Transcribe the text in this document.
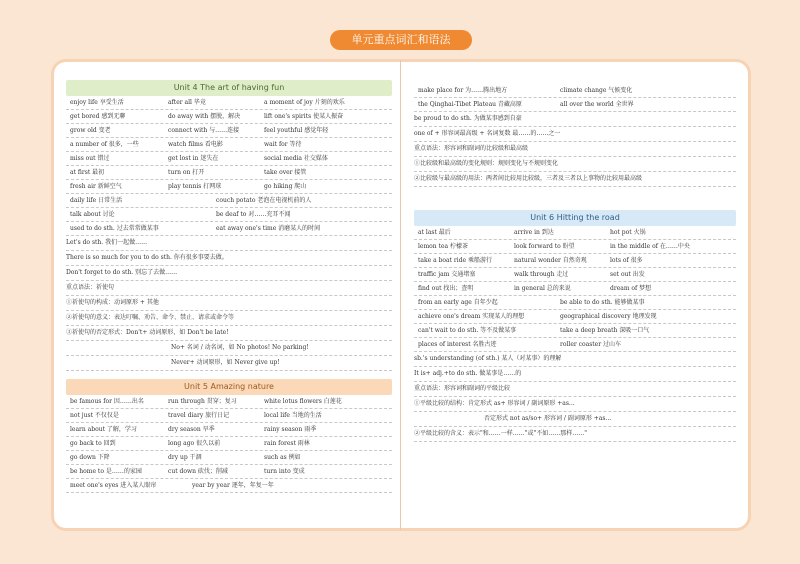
单元重点词汇和语法
Unit 4 The art of having fun
enjoy life 享受生活	after all 毕竟	a moment of joy 片刻的欢乐
get bored 感到无聊	do away with 摆脱，解决	lift one's spirits 使某人振奋
grow old 变老	connect with 与……连接	feel youthful 感觉年轻
a number of 很多，一些	watch films 看电影	wait for 等待
miss out 错过	get lost in 迷失在	social media 社交媒体
at first 最初	turn on 打开	take over 接管
fresh air 新鲜空气	play tennis 打网球	go hiking 爬山
daily life 日常生活	couch potato 老泡在电视机前的人
talk about 讨论	be deaf to 对……充耳不闻
used to do sth. 过去常常做某事	eat away one's time 消磨某人的时间
Let's do sth. 我们一起做……
There is so much for you to do sth. 你有很多事要去做。
Don't forget to do sth. 别忘了去做……
重点语法：祈使句
①祈使句的构成：动词原形 + 其他
②祈使句的意义：表达叮嘱、劝告、命令、禁止、请求或命令等
③祈使句的否定形式：Don't+ 动词原形，如 Don't be late!
No+ 名词 / 动名词，如 No photos! No parking!
Never+ 动词原形，如 Never give up!
Unit 5 Amazing nature
be famous for 因……出名	run through 贯穿；复习	white lotus flowers 白莲花
not just 不仅仅是	travel diary 旅行日记	local life 当地的生活
learn about 了解，学习	dry season 旱季	rainy season 雨季
go back to 回到	long ago 很久以前	rain forest 雨林
go down 下降	dry up 干涸	such as 例如
be home to 是……的家园	cut down 砍伐；削减	turn into 变成
meet one's eyes 进入某人眼帘	year by year 逐年，年复一年
make place for 为……腾出地方	climate change 气候变化
the Qinghai-Tibet Plateau 青藏高原	all over the world 全世界
be proud to do sth. 为做某事感到自豪
one of + 形容词最高级 + 名词复数 最……的……之一
重点语法：形容词和副词的比较级和最高级
①比较级和最高级的变化规则：规则变化与不规则变化
②比较级与最高级的用法：两者间比较用比较级，三者及三者以上事物的比较用最高级
Unit 6 Hitting the road
at last 最后	arrive in 到达	hot pot 火锅
lemon tea 柠檬茶	look forward to 盼望	in the middle of 在……中央
take a boat ride 乘船游行	natural wonder 自然奇观	lots of 很多
traffic jam 交通堵塞	walk through 走过	set out 出发
find out 找出；查明	in general 总的来说	dream of 梦想
from an early age 自年少起	be able to do sth. 能够做某事
achieve one's dream 实现某人的理想	geographical discovery 地理发现
can't wait to do sth. 等不及做某事	take a deep breath 深吸一口气
places of interest 名胜古迹	roller coaster 过山车
sb.'s understanding (of sth.) 某人（对某事）的理解
It is+ adj.+to do sth. 做某事是……的
重点语法：形容词和副词的平级比较
①平级比较的结构：肯定形式 as+ 形容词 / 副词原形 +as...
否定形式 not as/so+ 形容词 / 副词原形 +as...
②平级比较的含义：表示"和……一样……"或"不如……那样……"
